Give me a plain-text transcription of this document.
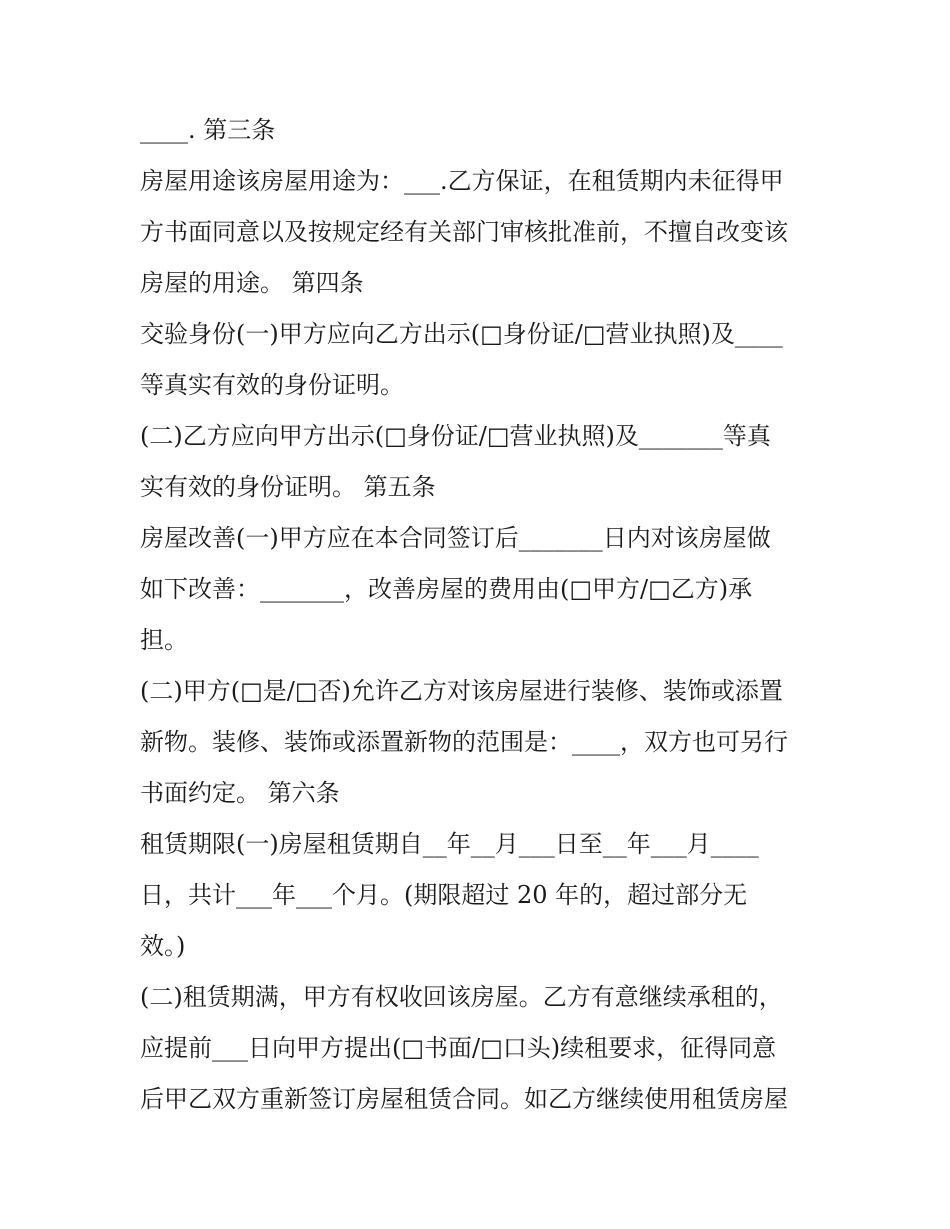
____. 第三条
房屋用途该房屋用途为：___.乙方保证，在租赁期内未征得甲
方书面同意以及按规定经有关部门审核批准前，不擅自改变该
房屋的用途。 第四条
交验身份(一)甲方应向乙方出示(□身份证/□营业执照)及____
等真实有效的身份证明。
(二)乙方应向甲方出示(□身份证/□营业执照)及_______等真
实有效的身份证明。 第五条
房屋改善(一)甲方应在本合同签订后_______日内对该房屋做
如下改善：_______，改善房屋的费用由(□甲方/□乙方)承
担。
(二)甲方(□是/□否)允许乙方对该房屋进行装修、装饰或添置
新物。装修、装饰或添置新物的范围是：____，双方也可另行
书面约定。 第六条
租赁期限(一)房屋租赁期自__年__月___日至__年___月____
日，共计___年___个月。(期限超过 20 年的，超过部分无
效。)
(二)租赁期满，甲方有权收回该房屋。乙方有意继续承租的，
应提前___日向甲方提出(□书面/□口头)续租要求，征得同意
后甲乙双方重新签订房屋租赁合同。如乙方继续使用租赁房屋
